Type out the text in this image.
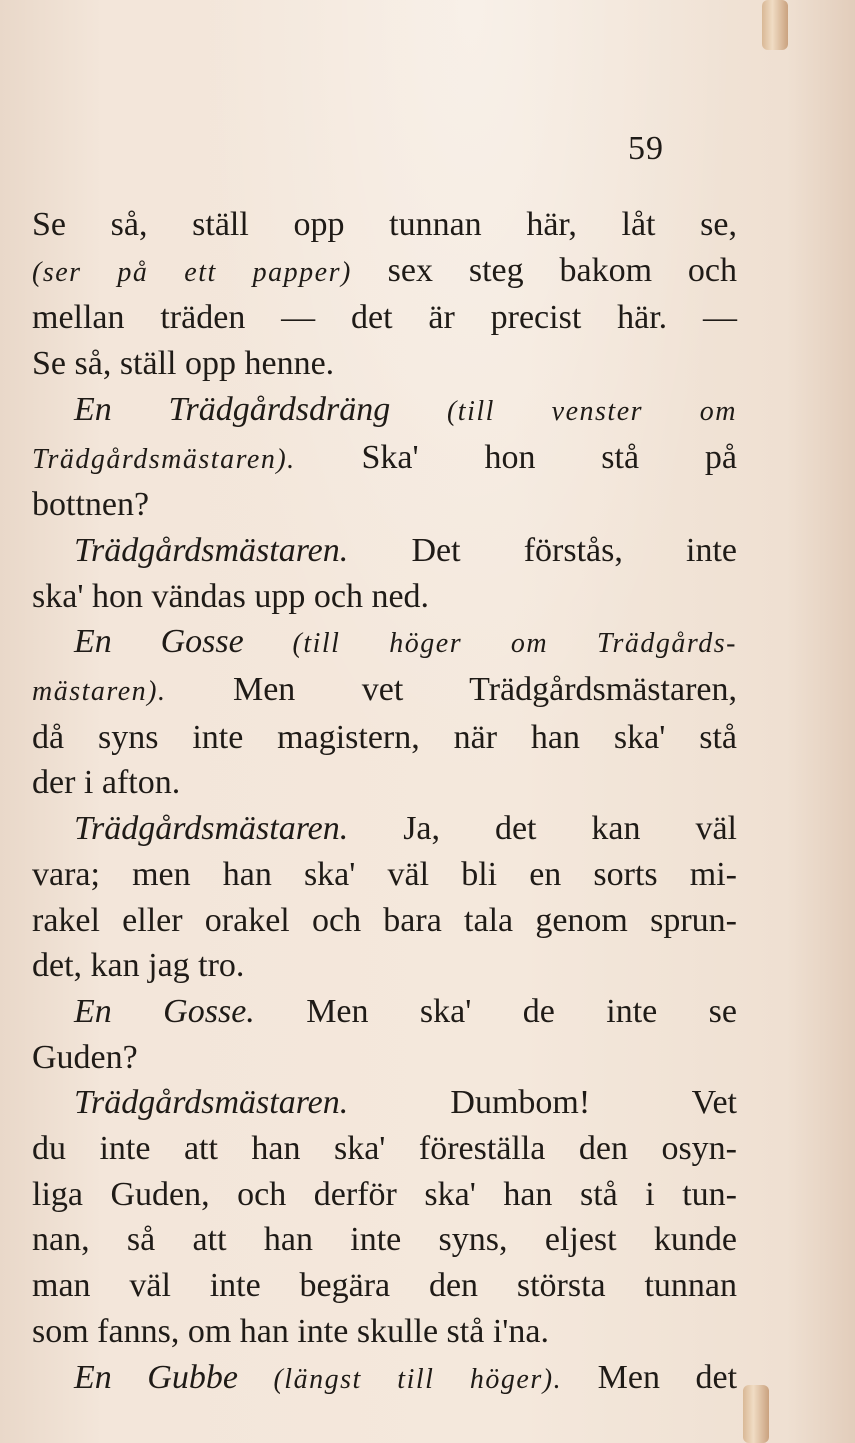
59
Se så, ställ opp tunnan här, låt se,
(ser på ett papper) sex steg bakom och
mellan träden — det är precist här. —
Se så, ställ opp henne.
En Trädgårdsdräng (till venster om
Trädgårdsmästaren). Ska' hon stå på
bottnen?
Trädgårdsmästaren. Det förstås, inte
ska' hon vändas upp och ned.
En Gosse (till höger om Trädgårds-
mästaren). Men vet Trädgårdsmästaren,
då syns inte magistern, när han ska' stå
der i afton.
Trädgårdsmästaren. Ja, det kan väl
vara; men han ska' väl bli en sorts mi-
rakel eller orakel och bara tala genom sprun-
det, kan jag tro.
En Gosse. Men ska' de inte se
Guden?
Trädgårdsmästaren. Dumbom! Vet
du inte att han ska' föreställa den osyn-
liga Guden, och derför ska' han stå i tun-
nan, så att han inte syns, eljest kunde
man väl inte begära den största tunnan
som fanns, om han inte skulle stå i'na.
En Gubbe (längst till höger). Men det
